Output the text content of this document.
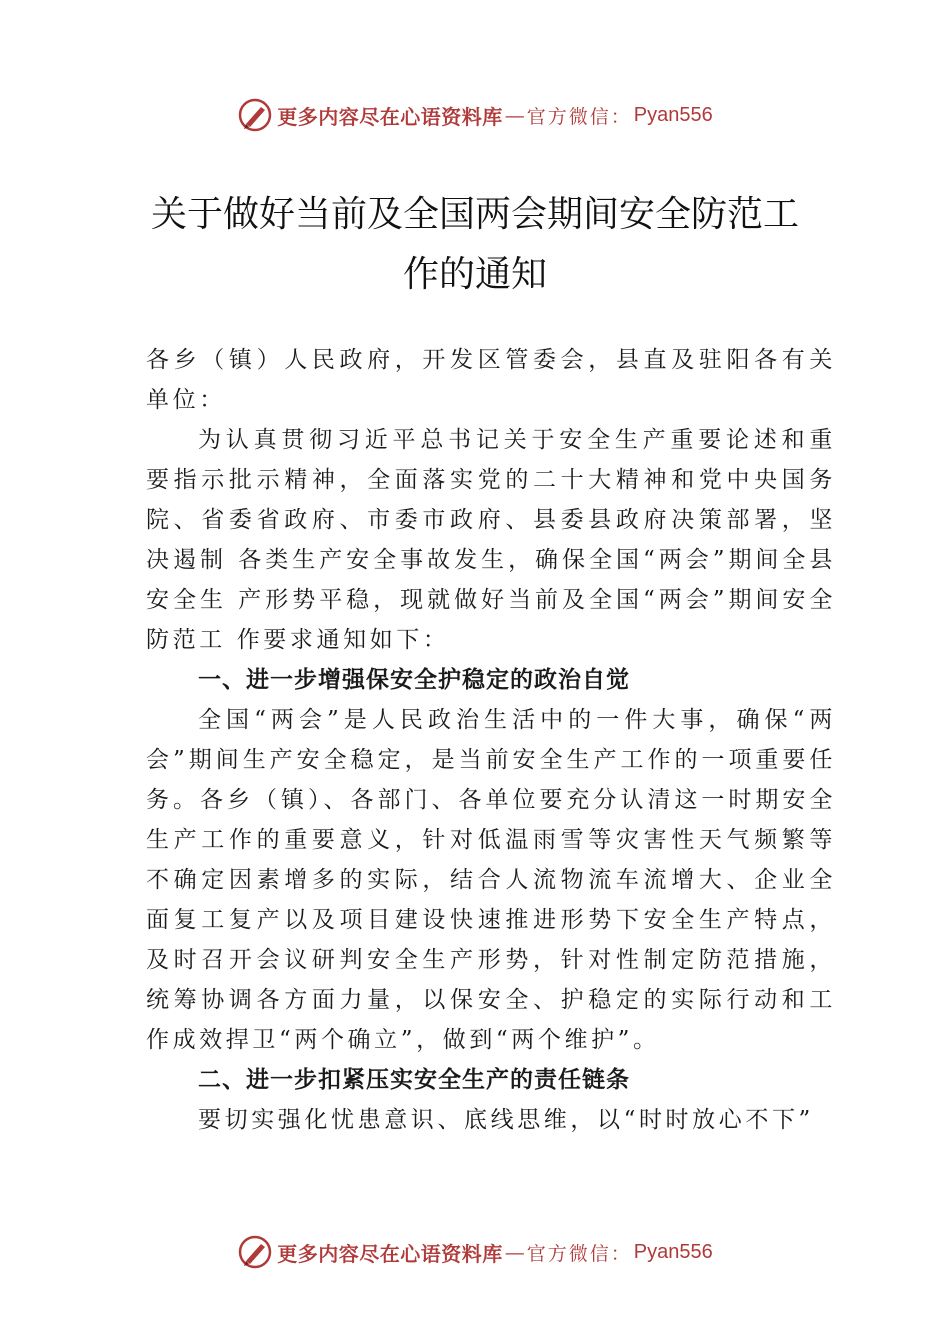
更多内容尽在心语资料库 — 官方微信： Pyan556
关于做好当前及全国两会期间安全防范工
作的通知

各乡（镇）人民政府，开发区管委会，县直及驻阳各有关单位：

为认真贯彻习近平总书记关于安全生产重要论述和重要指示批示精神，全面落实党的二十大精神和党中央国务院、省委省政府、市委市政府、县委县政府决策部署，坚决遏制 各类生产安全事故发生，确保全国“两会”期间全县安全生 产形势平稳，现就做好当前及全国“两会”期间安全防范工 作要求通知如下：

一、进一步增强保安全护稳定的政治自觉

全国“两会”是人民政治生活中的一件大事，确保“两会”期间生产安全稳定，是当前安全生产工作的一项重要任务。各乡（镇）、各部门、各单位要充分认清这一时期安全生产工作的重要意义，针对低温雨雪等灾害性天气频繁等不确定因素增多的实际，结合人流物流车流增大、企业全面复工复产以及项目建设快速推进形势下安全生产特点，及时召开会议研判安全生产形势，针对性制定防范措施，统筹协调各方面力量，以保安全、护稳定的实际行动和工作成效捍卫“两个确立”，做到“两个维护”。

二、进一步扣紧压实安全生产的责任链条

要切实强化忧患意识、底线思维，以“时时放心不下”

更多内容尽在心语资料库 — 官方微信： Pyan556
